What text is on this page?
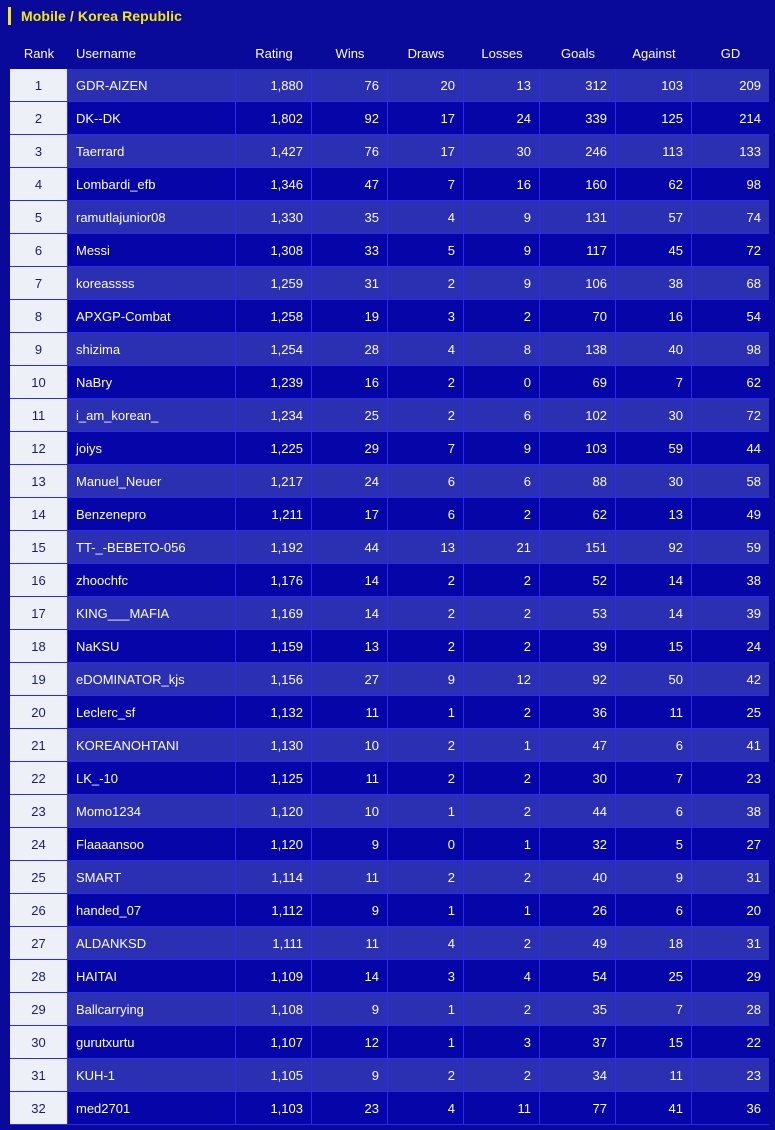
Mobile / Korea Republic
Rank	Username	Rating	Wins	Draws	Losses	Goals	Against	GD
1	GDR-AIZEN	1,880	76	20	13	312	103	209
2	DK--DK	1,802	92	17	24	339	125	214
3	Taerrard	1,427	76	17	30	246	113	133
4	Lombardi_efb	1,346	47	7	16	160	62	98
5	ramutlajunior08	1,330	35	4	9	131	57	74
6	Messi	1,308	33	5	9	117	45	72
7	koreassss	1,259	31	2	9	106	38	68
8	APXGP-Combat	1,258	19	3	2	70	16	54
9	shizima	1,254	28	4	8	138	40	98
10	NaBry	1,239	16	2	0	69	7	62
11	i_am_korean_	1,234	25	2	6	102	30	72
12	joiys	1,225	29	7	9	103	59	44
13	Manuel_Neuer	1,217	24	6	6	88	30	58
14	Benzenepro	1,211	17	6	2	62	13	49
15	TT-_-BEBETO-056	1,192	44	13	21	151	92	59
16	zhoochfc	1,176	14	2	2	52	14	38
17	KING___MAFIA	1,169	14	2	2	53	14	39
18	NaKSU	1,159	13	2	2	39	15	24
19	eDOMINATOR_kjs	1,156	27	9	12	92	50	42
20	Leclerc_sf	1,132	11	1	2	36	11	25
21	KOREANOHTANI	1,130	10	2	1	47	6	41
22	LK_-10	1,125	11	2	2	30	7	23
23	Momo1234	1,120	10	1	2	44	6	38
24	Flaaaansoo	1,120	9	0	1	32	5	27
25	SMART	1,114	11	2	2	40	9	31
26	handed_07	1,112	9	1	1	26	6	20
27	ALDANKSD	1,111	11	4	2	49	18	31
28	HAITAI	1,109	14	3	4	54	25	29
29	Ballcarrying	1,108	9	1	2	35	7	28
30	gurutxurtu	1,107	12	1	3	37	15	22
31	KUH-1	1,105	9	2	2	34	11	23
32	med2701	1,103	23	4	11	77	41	36
